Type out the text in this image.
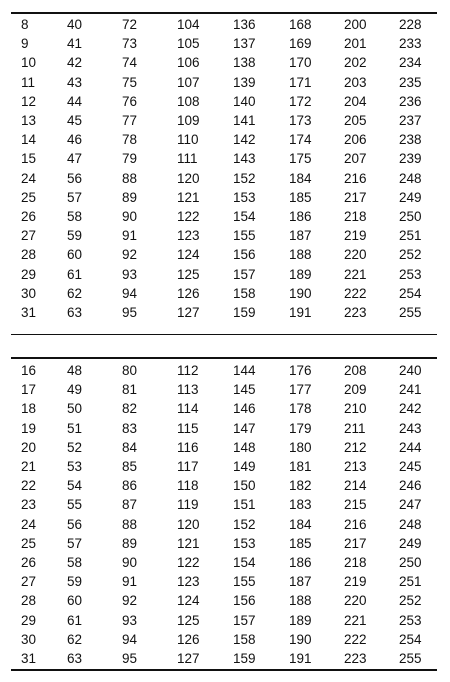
8	40	72	104	136	168	200	228
9	41	73	105	137	169	201	233
10	42	74	106	138	170	202	234
11	43	75	107	139	171	203	235
12	44	76	108	140	172	204	236
13	45	77	109	141	173	205	237
14	46	78	110	142	174	206	238
15	47	79	111	143	175	207	239
24	56	88	120	152	184	216	248
25	57	89	121	153	185	217	249
26	58	90	122	154	186	218	250
27	59	91	123	155	187	219	251
28	60	92	124	156	188	220	252
29	61	93	125	157	189	221	253
30	62	94	126	158	190	222	254
31	63	95	127	159	191	223	255
16	48	80	112	144	176	208	240
17	49	81	113	145	177	209	241
18	50	82	114	146	178	210	242
19	51	83	115	147	179	211	243
20	52	84	116	148	180	212	244
21	53	85	117	149	181	213	245
22	54	86	118	150	182	214	246
23	55	87	119	151	183	215	247
24	56	88	120	152	184	216	248
25	57	89	121	153	185	217	249
26	58	90	122	154	186	218	250
27	59	91	123	155	187	219	251
28	60	92	124	156	188	220	252
29	61	93	125	157	189	221	253
30	62	94	126	158	190	222	254
31	63	95	127	159	191	223	255
